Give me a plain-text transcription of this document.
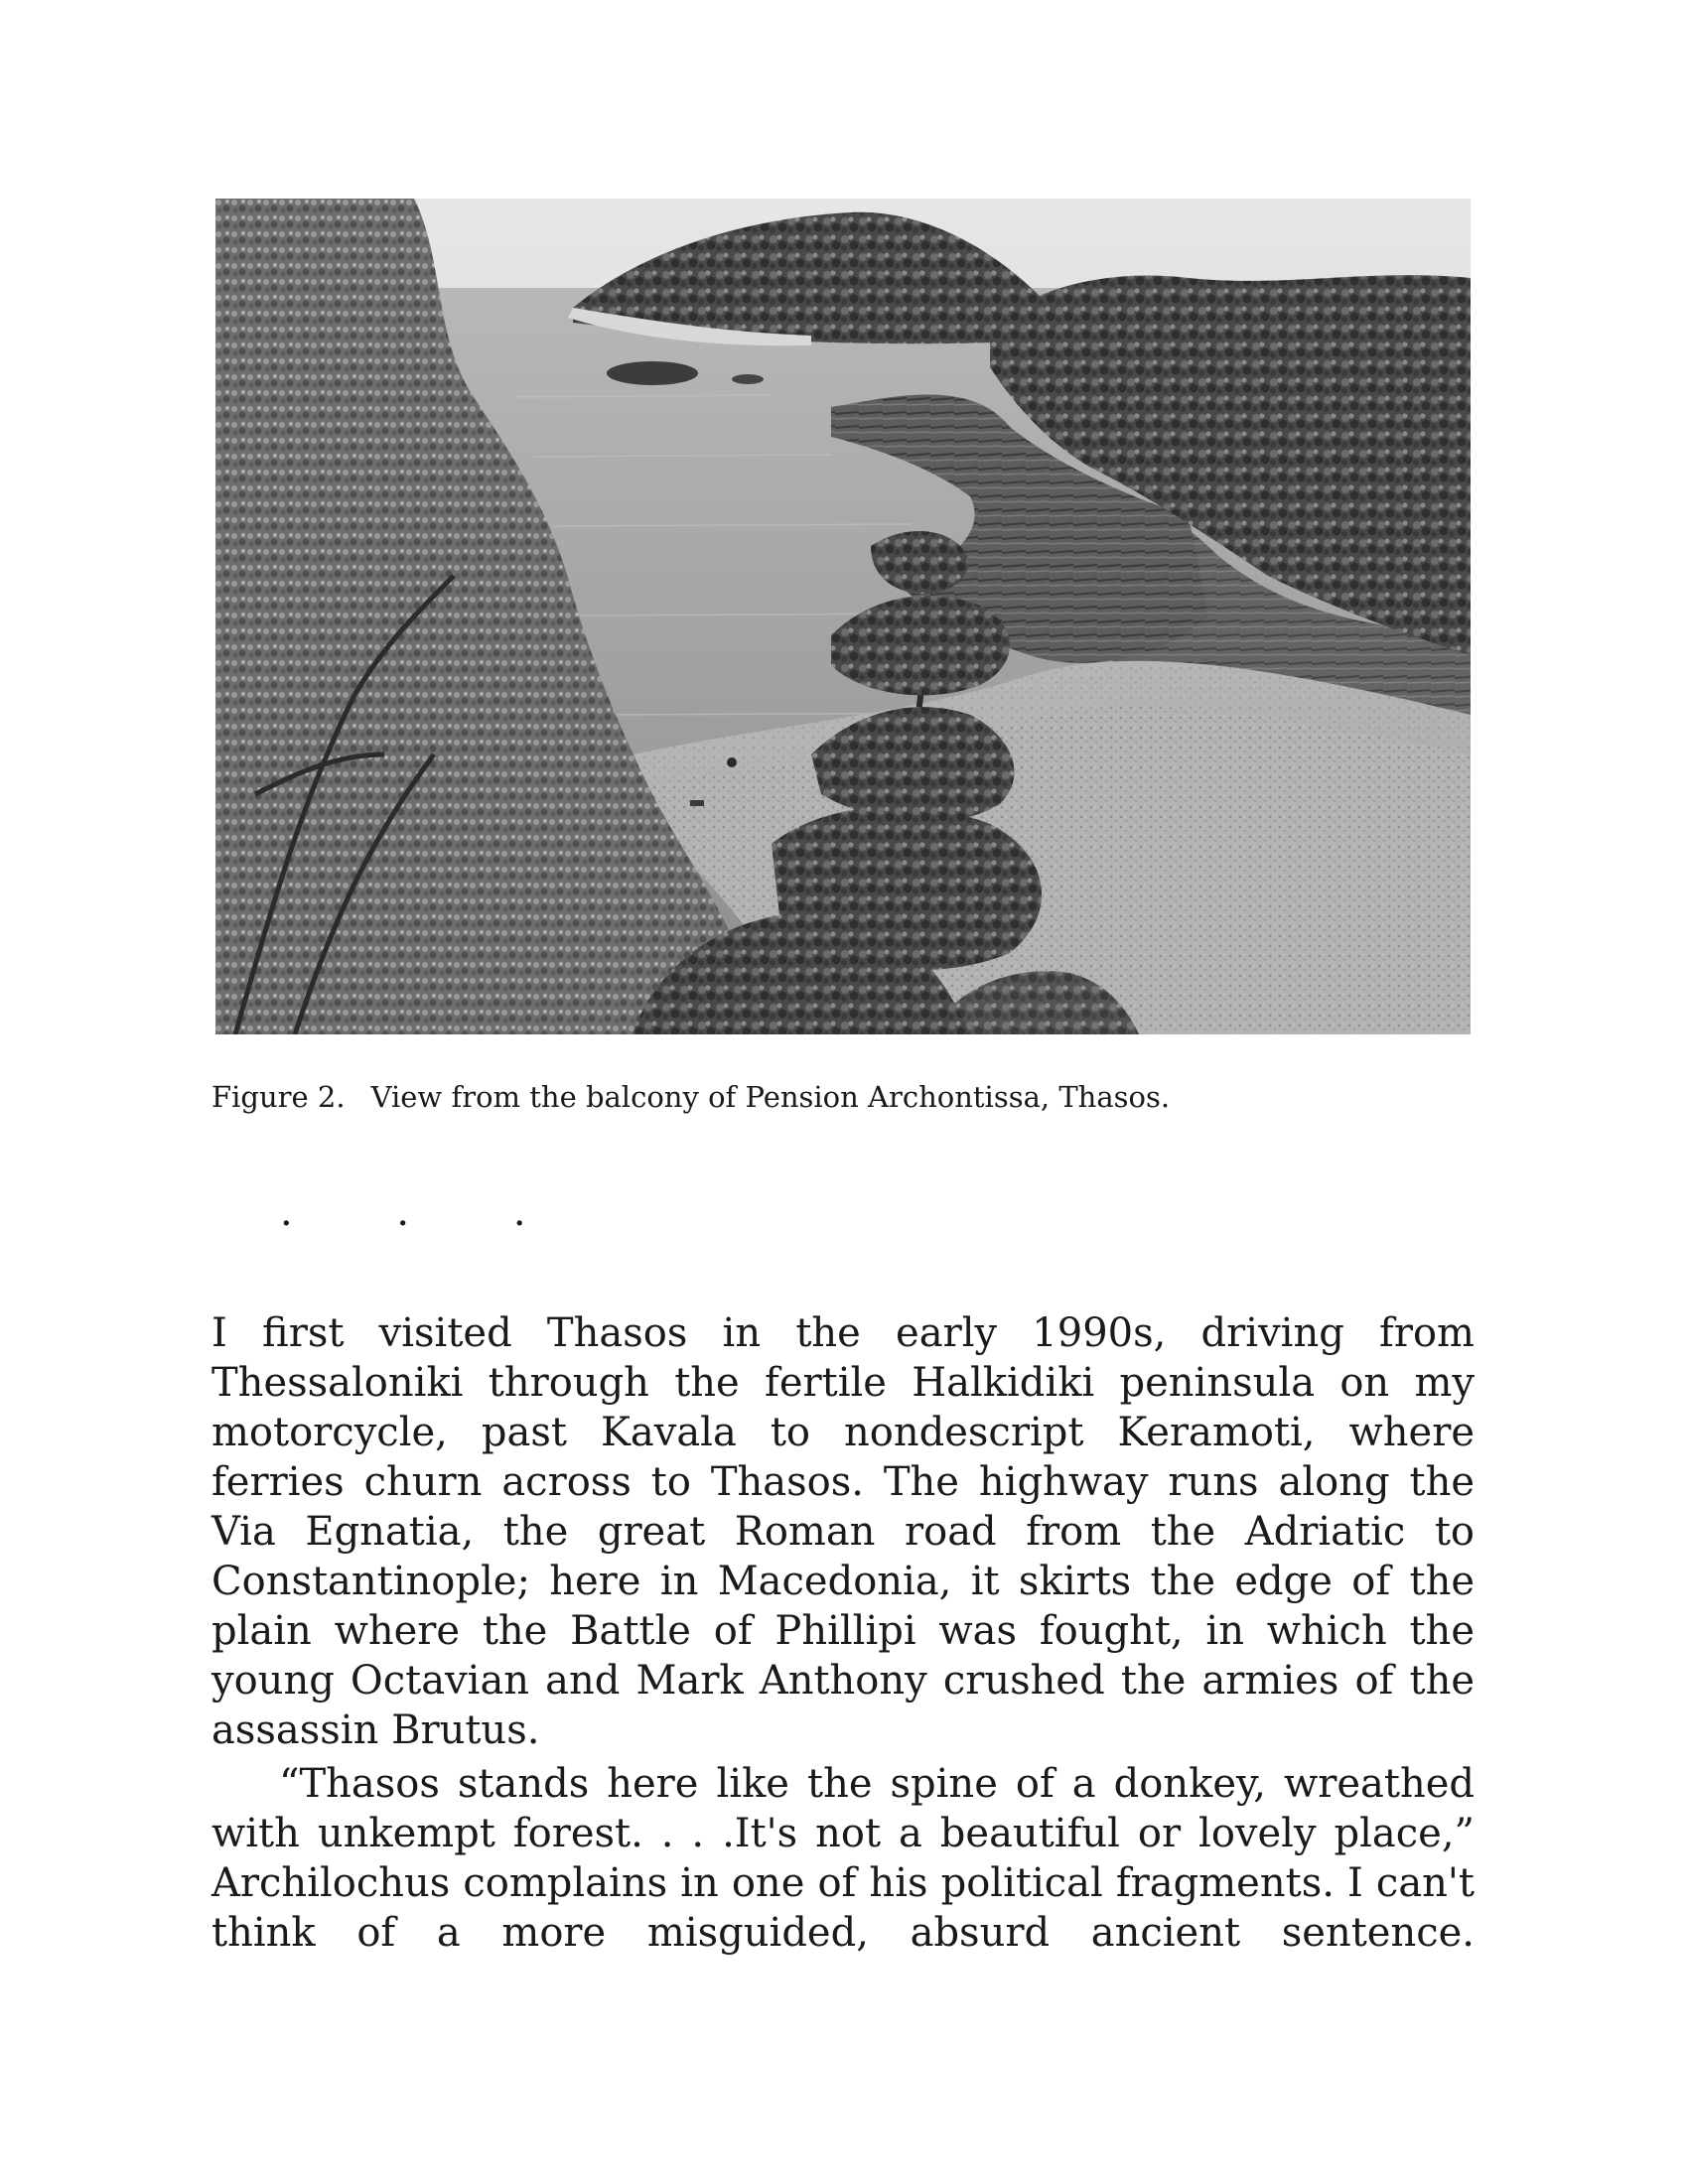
Figure 2. View from the balcony of Pension Archontissa, Thasos.
· · ·

I first visited Thasos in the early 1990s, driving from Thessaloniki through the fertile Halkidiki peninsula on my motorcycle, past Kavala to nondescript Keramoti, where ferries churn across to Thasos. The highway runs along the Via Egnatia, the great Roman road from the Adriatic to Constantinople; here in Macedonia, it skirts the edge of the plain where the Battle of Phillipi was fought, in which the young Octavian and Mark Anthony crushed the armies of the assassin Brutus.

“Thasos stands here like the spine of a donkey, wreathed with unkempt forest. . . .It's not a beautiful or lovely place,” Archilochus complains in one of his political fragments. I can't think of a more misguided, absurd ancient sentence.
